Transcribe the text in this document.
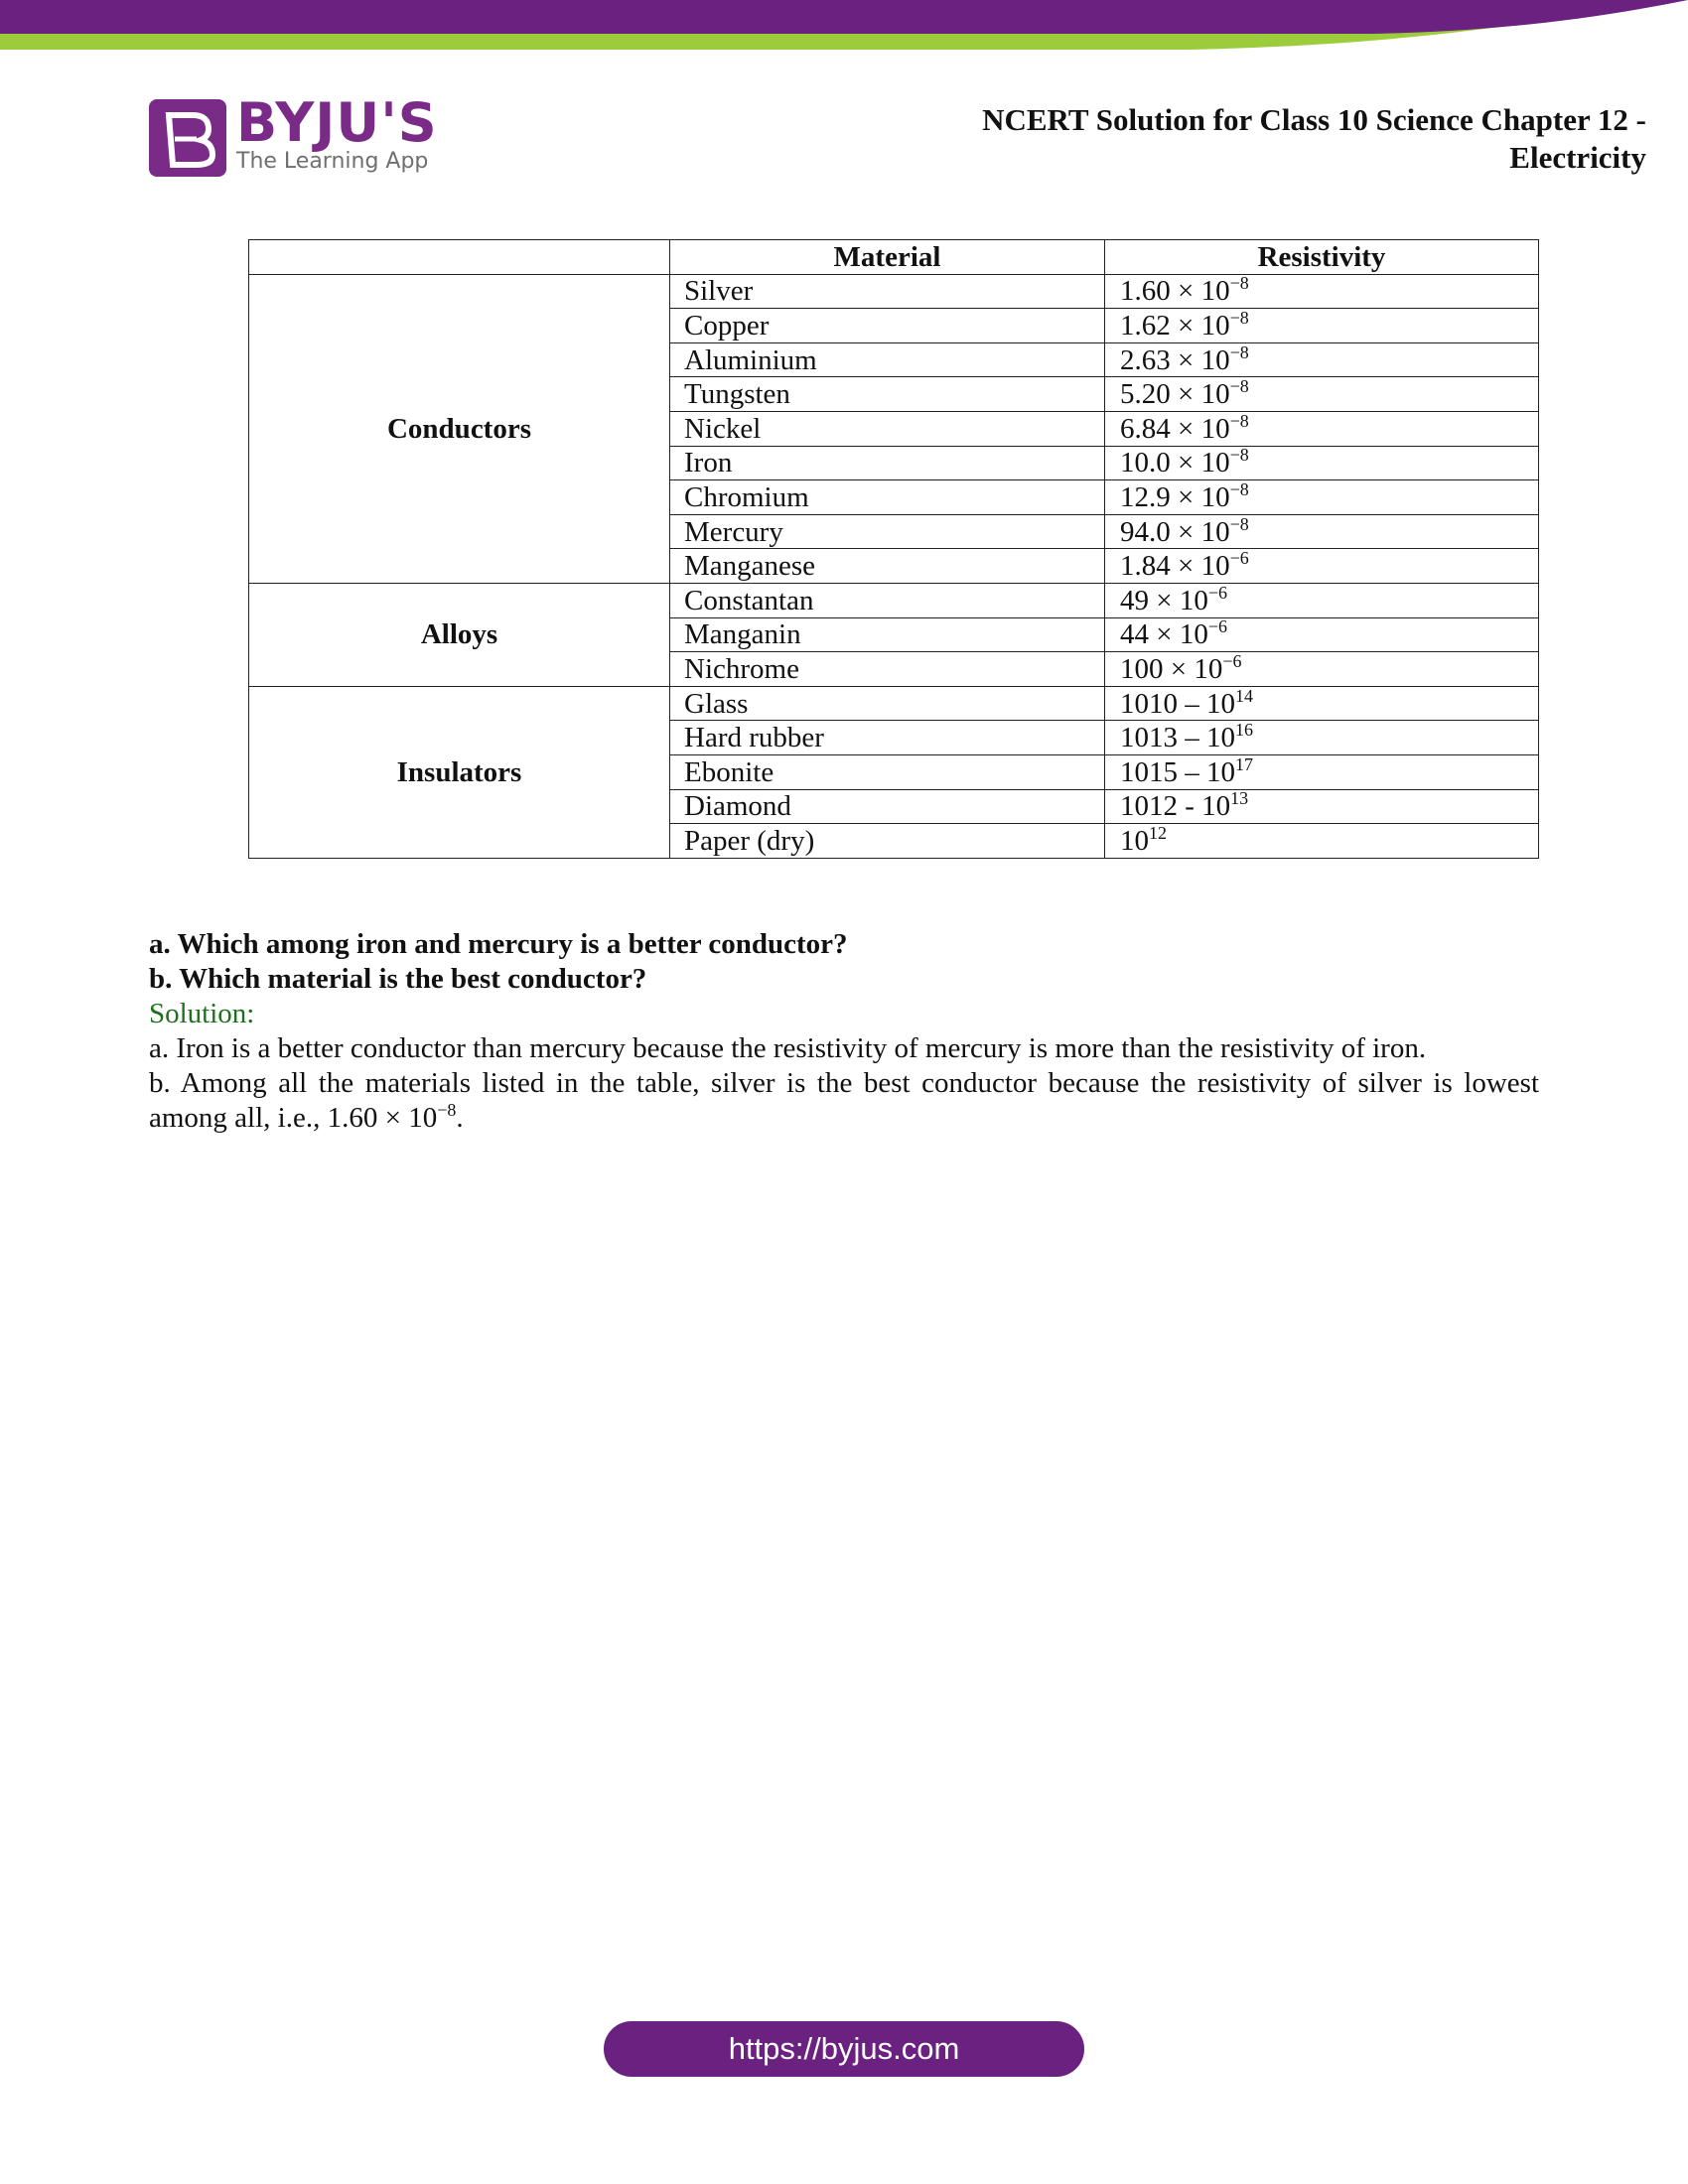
BYJU'S
The Learning App
NCERT Solution for Class 10 Science Chapter 12 -
Electricity
	Material	Resistivity
Conductors	Silver	$1.60 \times 10^{-8}$
	Copper	$1.62 \times 10^{-8}$
	Aluminium	$2.63 \times 10^{-8}$
	Tungsten	$5.20 \times 10^{-8}$
	Nickel	$6.84 \times 10^{-8}$
	Iron	$10.0 \times 10^{-8}$
	Chromium	$12.9 \times 10^{-8}$
	Mercury	$94.0 \times 10^{-8}$
	Manganese	$1.84 \times 10^{-6}$
Alloys	Constantan	$49 \times 10^{-6}$
	Manganin	$44 \times 10^{-6}$
	Nichrome	$100 \times 10^{-6}$
Insulators	Glass	$1010 - 10^{14}$
	Hard rubber	$1013 - 10^{16}$
	Ebonite	$1015 - 10^{17}$
	Diamond	$1012 - 10^{13}$
	Paper (dry)	$10^{12}$
a. Which among iron and mercury is a better conductor?
b. Which material is the best conductor?
Solution:
a. Iron is a better conductor than mercury because the resistivity of mercury is more than the resistivity of iron.
b. Among all the materials listed in the table, silver is the best conductor because the resistivity of silver is lowest among all, i.e., $1.60 \times 10^{-8}$.
https://byjus.com
